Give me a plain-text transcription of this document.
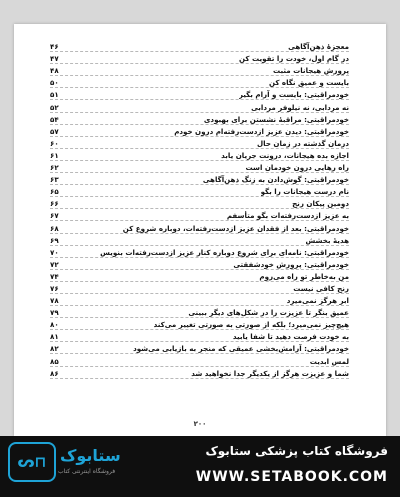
۴۶	معجزۀ ذهن‌آگاهی
۴۷	در گام اول، خودت را تقویت کن
۴۸	پرورش هیجانات مثبت
۵۰	بایست و عمیق نگاه کن
۵۱	خودمراقبتی: بایست و آرام بگیر
۵۲	نه مردابی، نه نیلوفر مردابی
۵۴	خودمراقبتی: مراقبۀ نشستن برای بهبودی
۵۷	خودمراقبتی: دیدن عزیز ازدست‌رفته‌ام درون خودم
۶۰	درمان گذشته در زمان حال
۶۱	اجازه بده هیجانات، درونت جریان یابد
۶۲	راه رهایی درون خودمان است
۶۳	خودمراقبتی: گوش‌دادن به زنگ ذهن‌آگاهی
۶۵	نام درست هیجانات را بگو
۶۶	دومین پیکان رنج
۶۷	به عزیز ازدست‌رفته‌ات بگو متأسفم
۶۸	خودمراقبتی: بعد از فقدان عزیز ازدست‌رفته‌ات، دوباره شروع کن
۶۹	هدیۀ بخشش
۷۰	خودمراقبتی: نامه‌ای برای شروع دوباره کنار عزیز ازدست‌رفته‌ات بنویس
۷۲	خودمراقبتی: پرورش خودشفقتی
۷۴	من به‌خاطر تو راه می‌روم
۷۶	رنج کافی نیست
۷۸	ابر هرگز نمی‌میرد
۷۹	عمیق بنگر تا عزیزت را در شکل‌های دیگر ببینی
۸۰	هیچ‌چیز نمی‌میرد؛ بلکه از صورتی به صورتی تغییر می‌کند
۸۱	به خودت فرصت دهید تا شفا یابید
۸۲	خودمراقبتی: آرامش‌بخشی عمیقی که منجر به بازیابی می‌شود
۸۵	لمس ابدیت
۸۶	شما و عزیزت هرگز از یکدیگر جدا نخواهید شد
۲۰۰
ᔕ⊓ ستابوک
فروشگاه اینترنتی کتاب
فروشگاه کتاب پزشکی ستابوک
WWW.SETABOOK.COM
